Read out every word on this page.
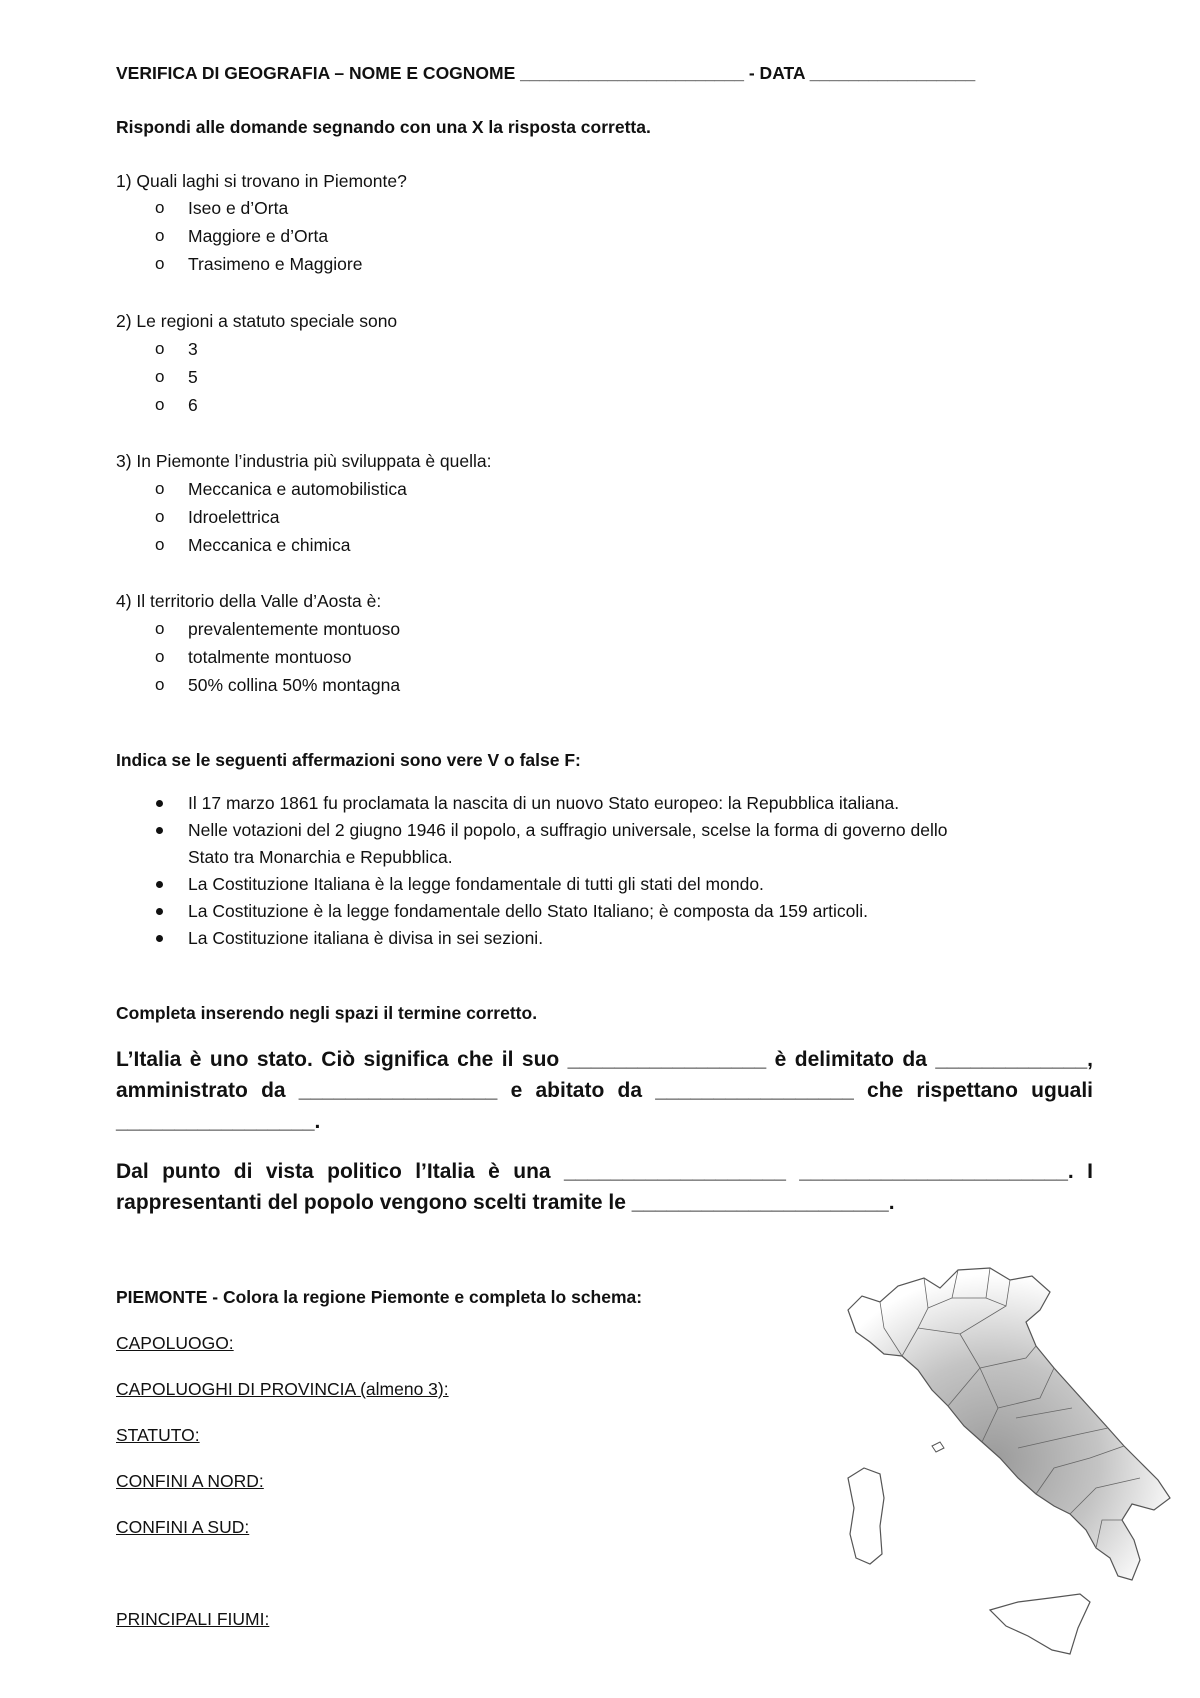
VERIFICA DI GEOGRAFIA – NOME E COGNOME _______________________ - DATA _________________
Rispondi alle domande segnando con una X la risposta corretta.
1) Quali laghi si trovano in Piemonte?
o Iseo e d’Orta
o Maggiore e d’Orta
o Trasimeno e Maggiore
2) Le regioni a statuto speciale sono
o 3
o 5
o 6
3) In Piemonte l’industria più sviluppata è quella:
o Meccanica e automobilistica
o Idroelettrica
o Meccanica e chimica
4) Il territorio della Valle d’Aosta è:
o prevalentemente montuoso
o totalmente montuoso
o 50% collina 50% montagna
Indica se le seguenti affermazioni sono vere V o false F:
Il 17 marzo 1861 fu proclamata la nascita di un nuovo Stato europeo: la Repubblica italiana.
Nelle votazioni del 2 giugno 1946 il popolo, a suffragio universale, scelse la forma di governo dello
Stato tra Monarchia e Repubblica.
La Costituzione Italiana è la legge fondamentale di tutti gli stati del mondo.
La Costituzione è la legge fondamentale dello Stato Italiano; è composta da 159 articoli.
La Costituzione italiana è divisa in sei sezioni.
Completa inserendo negli spazi il termine corretto.
L’Italia è uno stato. Ciò significa che il suo _________________ è delimitato da _____________, amministrato da _________________ e abitato da _________________ che rispettano uguali _________________.
Dal punto di vista politico l’Italia è una ___________________ _______________________. I rappresentanti del popolo vengono scelti tramite le ______________________.
PIEMONTE - Colora la regione Piemonte e completa lo schema:
CAPOLUOGO:
CAPOLUOGHI DI PROVINCIA (almeno 3):
STATUTO:
CONFINI A NORD:
CONFINI A SUD:
PRINCIPALI FIUMI:
